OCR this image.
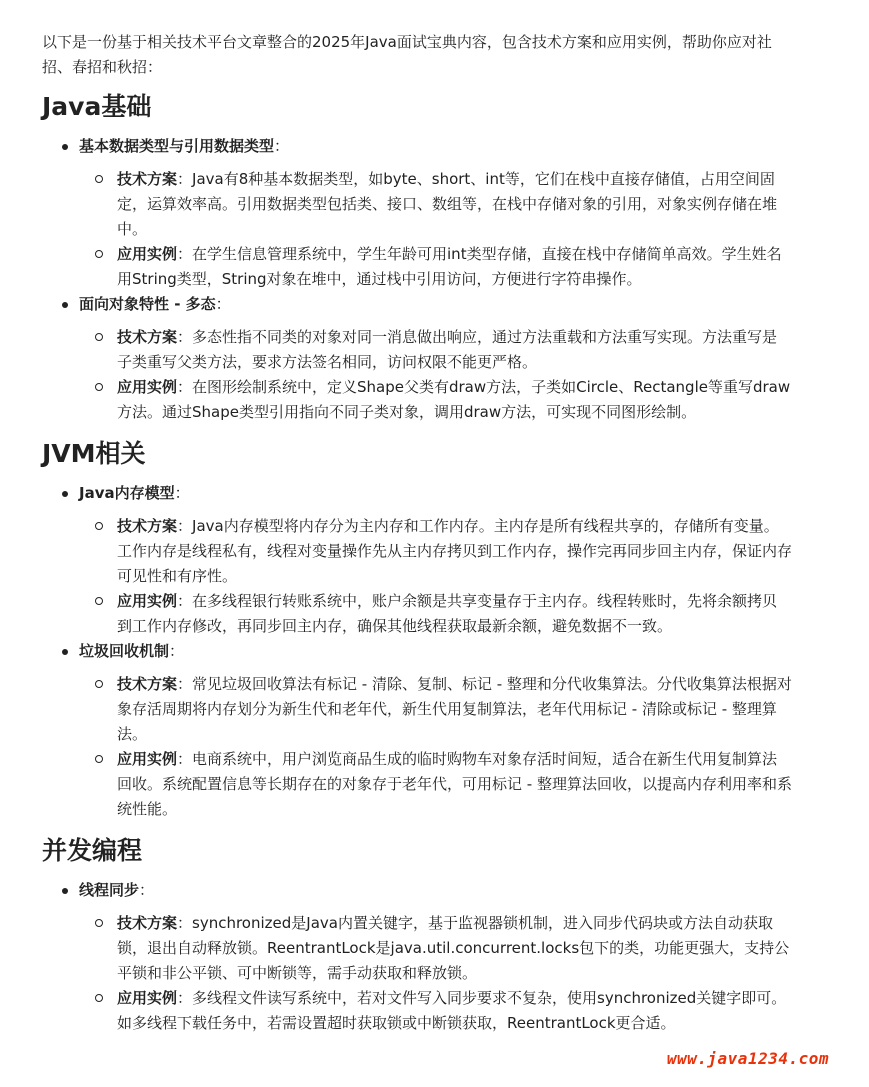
以下是一份基于相关技术平台文章整合的2025年Java面试宝典内容，包含技术方案和应用实例，帮助你应对社招、春招和秋招：

Java基础
基本数据类型与引用数据类型：
技术方案：Java有8种基本数据类型，如byte、short、int等，它们在栈中直接存储值，占用空间固定，运算效率高。引用数据类型包括类、接口、数组等，在栈中存储对象的引用，对象实例存储在堆中。
应用实例：在学生信息管理系统中，学生年龄可用int类型存储，直接在栈中存储简单高效。学生姓名用String类型，String对象在堆中，通过栈中引用访问，方便进行字符串操作。
面向对象特性 - 多态：
技术方案：多态性指不同类的对象对同一消息做出响应，通过方法重载和方法重写实现。方法重写是子类重写父类方法，要求方法签名相同，访问权限不能更严格。
应用实例：在图形绘制系统中，定义Shape父类有draw方法，子类如Circle、Rectangle等重写draw方法。通过Shape类型引用指向不同子类对象，调用draw方法，可实现不同图形绘制。
JVM相关
Java内存模型：
技术方案：Java内存模型将内存分为主内存和工作内存。主内存是所有线程共享的，存储所有变量。工作内存是线程私有，线程对变量操作先从主内存拷贝到工作内存，操作完再同步回主内存，保证内存可见性和有序性。
应用实例：在多线程银行转账系统中，账户余额是共享变量存于主内存。线程转账时，先将余额拷贝到工作内存修改，再同步回主内存，确保其他线程获取最新余额，避免数据不一致。
垃圾回收机制：
技术方案：常见垃圾回收算法有标记 - 清除、复制、标记 - 整理和分代收集算法。分代收集算法根据对象存活周期将内存划分为新生代和老年代，新生代用复制算法，老年代用标记 - 清除或标记 - 整理算法。
应用实例：电商系统中，用户浏览商品生成的临时购物车对象存活时间短，适合在新生代用复制算法回收。系统配置信息等长期存在的对象存于老年代，可用标记 - 整理算法回收，以提高内存利用率和系统性能。
并发编程
线程同步：
技术方案：synchronized是Java内置关键字，基于监视器锁机制，进入同步代码块或方法自动获取锁，退出自动释放锁。ReentrantLock是java.util.concurrent.locks包下的类，功能更强大，支持公平锁和非公平锁、可中断锁等，需手动获取和释放锁。
应用实例：多线程文件读写系统中，若对文件写入同步要求不复杂，使用synchronized关键字即可。如多线程下载任务中，若需设置超时获取锁或中断锁获取，ReentrantLock更合适。
www.java1234.com
